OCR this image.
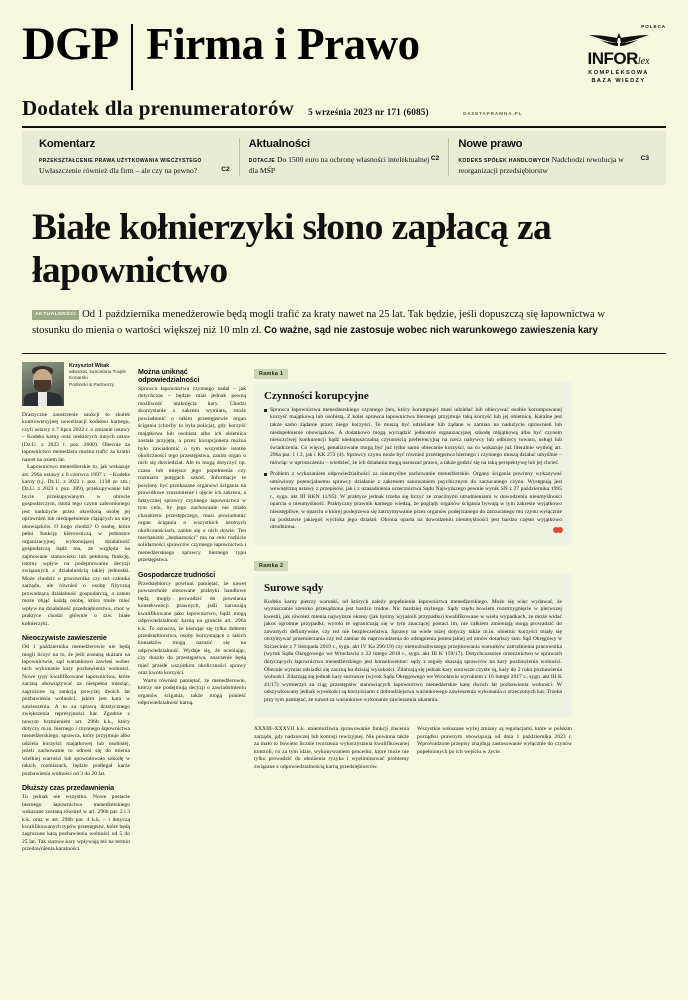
DGP Firma i Prawo	POLECA
INFORlex
KOMPLEKSOWA
BAZA WIEDZY
Dodatek dla prenumeratorów 5 września 2023 nr 171 (6085)	GAZETAPRAWNA.PL
Komentarz
PRZEKSZTAŁCENIE PRAWA UŻYTKOWANIA WIECZYSTEGO

C2
Uwłaszczenie również dla firm – ale czy na pewno?
Aktualności
DOTACJE	C2
Do 1500 euro na ochronę własności intelektualnej dla MŚP
Nowe prawo
KODEKS SPÓŁEK HANDLOWYCH	C3
Nadchodzi rewolucja w reorganizacji przedsiębiorstw
Białe kołnierzyki słono zapłacą za łapownictwo

AKTUALNOŚCI Od 1 października menedżerowie będą mogli trafić za kraty nawet na 25 lat. Tak będzie, jeśli dopuszczą się łapownictwa w stosunku do mienia o wartości większej niż 10 mln zł. Co ważne, sąd nie zastosuje wobec nich warunkowego zawieszenia kary

Krzysztof Witak
adwokat, kancelaria Traple Konarski
Podrecki & Partnerzy

Drastyczne zaostrzenie sankcji to skutek kontrowersyjnej nowelizacji kodeksu karnego, czyli ustawy z 7 lipca 2022 r. o zmianie ustawy – Kodeks karny oraz niektórych innych ustaw (Dz.U. z 2022 r. poz. 2600). Obecnie za łapownictwo menedżera można trafić za kratki nawet na osiem lat.

Łapownictwo menedżerskie to, jak wskazuje art. 296a ustawy z 6 czerwca 1997 r. – Kodeks karny (t.j. Dz.U. z 2022 r. poz. 1138 ze zm.; Dz.U. z 2023 r. poz. 289), przekupywanie lub bycie przekupywanym w obrocie gospodarczym, istota tego czynu zabronionego jest nadużycie przez określoną osobę jej uprawnień lub niedopełnienie ciążących na niej obowiązków. O kogo chodzi? O osobę, która pełni funkcję kierowniczą w jednostce organizacyjnej wykonującej działalność gospodarczą bądź ma, ze względu na zajmowane stanowisko lub pełnioną funkcję, istotny wpływ na podejmowanie decyzji związanych z działalnością takiej jednostki. Może chodzić o pracownika czy też członka zarządu, ale również o osobę fizyczną prowadzącą działalność gospodarczą, a zatem może objąć każdą osobę, która może mieć wpływ na działalność przedsiębiorstwa, choć w praktyce chodzi głównie o tzw. białe kołnierzyki.

Nieoczywiste zawieszenie

Od 1 października menedżerowie nie będą mogli liczyć na to, że jeśli zostaną skazani na łapownictwie, sąd warunkowo zawiesi wobec nich wykonanie kary pozbawienia wolności. Nowe typy kwalifikowane łapownictwa, które zaczną obowiązywać za niespełna miesiąc, zagrożone są sankcją powyżej dwóch lat pozbawienia wolności, jakim jest kara w zawieszeniu. A to za sprawą drastycznego zwiększenia represyjności kar. Zgodnie z nowym brzmieniem art. 296b k.k., który dotyczy m.in. biernego i czynnego łapownictwa menedżerskiego, sprawca, który przyjmuje albo udziela korzyści majątkowej lub osobistej, jeżeli zachowanie to odnosi się do mienia wielkiej wartości lub spowodowało szkodę w takich rozmiarach, będzie podlegał karze pozbawienia wolności od 3 do 20 lat.

Dłuższy czas przedawnienia

To jednak nie wszystko. Nowe postacie biernego łapownictwa menedżerskiego wskazane zostaną również w art. 296b par. 2 i 3 k.k. oraz w art. 296b par. 4 k.k. – i dotyczą kwalifikowanych typów przestępstw, które będą zagrożone karą pozbawienia wolności od 5 do 25 lat. Tak surowe kary wpływają też na termin przedawnienia karalności.

Można uniknąć odpowiedzialności

Sprawca łapownictwa czynnego nadal – jak dotychczas – będzie miał jednak pewną możliwość uniknięcia kary. Chodzi skorzystanie z zakresu wymiaru, może powiadomić o takim przestępstwie organ ścigania (choćby to była policja), gdy korzyść majątkowa lub osobista albo ich obietnica została przyjęta, a przez korupcjonera można było zawiadomić o tym wszystkie istotne okoliczności tego przestępstwa, zanim organ o nich się dowiedział. Ale to mogą dotyczyć np. czasu lub miejsca jego popełnienia czy rozmiaru potęgach szkód. Informacje te powinny być przekazane organowi ścigania na prawidłowe zrozumienie i ujęcie ich zakresu, a faktycznej sprawcy czynnego łapownictwa w tym celu, by jego zachowanie nie miało charakteru przestępczego, musi powiadomić organ ścigania o wszystkich istotnych okolicznościach, zanim się o nich dowie. Ten mechanizm „bezkarności” ma na celu rozbicie solidarności sprawców czynnego łapownictwa i menedżerskiego sprawcy biernego typu przestępstwa.

Gospodarcze trudności

Przedsiębiorcy powinni pamiętać, że nawet powszechnie stosowane praktyki handlowe będą mogły prowadzić do powstania konsekwencji prawnych, jeśli naruszają kwalifikowane jako łapownictwo, bądź mogą odpowiedzialność karną na gruncie art. 296a k.k. To oznacza, że kierując się tylko dobrem przedsiębiorstwa, osoby korzystające z takich kontaktów mogą narazić się na odpowiedzialność. Wydaje się, że oceniając, czy doszło do przestępstwa, znaczenie będą mieć przede wszystkim okoliczności sprawy oraz kwota korzyści.

Warto również pamiętać, że menedżerowie, którzy nie podejmują decyzji o zawiadomieniu organów ścigania, także mogą ponieść odpowiedzialność karną.

Ramka 1
Czynności korupcyjne

Sprawca łapownictwa menedżerskiego czynnego (ten, który korumpuje) musi udzielać lub obiecywać osobie korumpowanej korzyść majątkową lub osobistą. Z kolei sprawca łapownictwa biernego przyjmuje taką korzyść lub jej obietnicę. Karalne jest także samo żądanie przez niego korzyści. Te muszą być udzielane lub żądane w zamian na nadużycie uprawnień lub niedopełnienie obowiązków. A dodatkowo mogą wyrządzić jednostce organizacyjnej szkodę majątkową albo być czynem nieuczciwej konkurencji bądź niedopuszczalną czynnością preferencyjną na rzecz nabywcy lub odbiorcy towaru, usługi lub świadczenia. Co więcej, penalizowane mogą być już tylko samo obiecanie korzyści, na co wskazuje już literalnie wymóg art. 296a par. 1 i 2, jak i KK 273 (4). Sprawcy czynu może być również przestępstwa biernego i czynnego muszą działać umyślnie – mówiąc w uproszczeniu – wiedzieć, że ich działania mogą naruszać prawo, a także godzić się na taką perspektywę lub jej chcieć.

Problem z wykazaniem odpowiedzialności za nieumyślne zachowanie menedżerskie. Organy ścigania powinny wykazywać umówiony potencjalnemu sprawcy działanie z zakresem sanowaniem psychicznym do zarzucanego czynu. Występują jest wewnętrzną ustawy z przepisów, jak i z uzasadnienia orzecznictwa Sądu Najwyższego pewnie wynik SN z 27 października 1995 r., sygn. akt III RKN 11/95). W praktyce jednak trzeba się liczyć ze znacznymi utrudnieniami w dowodzeniu nieumyślności oparcia o nieumyślność. Praktyczny prawnik karnego wiedzą, że poglądy organów ścigania bywają w tym zakresie wyjątkowo nieustępliwe, w oparciu o której podejrzewa się zatrzymywanie przez organów podejrzanego do zarzucanego mu czynu wyłącznie na podstawie jakiegoś wycinka jego działań. Obrona oparta na dowodzeniu nieumyślności jest bardzo często wyjątkowo utrudniona.

Ramka 2
Surowe sądy

Kodeks karny pietrzy warunki, od których zależy popełnienie łapownictwa menedżerskiego. Może się więc wydawać, że wyznaczanie szeroko przesądzona jest bardzo trudne. Nic bardziej mylnego. Sądy rzędu bowiem rozstrzygnięcie w pierwszej kwestii, jak również mienia najwyższe okresy (jak byśmy wyjaśnili przypadku) kwalifikowane w wielu wypadkach, że może widać jakoś ogromne przypadki, wyroki te ograniczają się w tym znaczącej postaci im, nie całkiem zmieniają mogą prowadzić do zawartych definitywnie, czy też nie bezpieczeństwa. Sprawy na wiele niżej dotyczy także m.in. obietnic korzyści miały się otrzymywać przemierzania czy też zamiar do naprowadzenia do odstąpienia potencjalnej od umów dotarłszy tam. Sąd Okręgowy w Szczecinie z 7 listopada 2019 r., sygn. akt IV Ka 296/19) czy niemożnaliwszego przejmowania warunków zatrudnienia pracownika (wyrok Sądu Okręgowego we Wrocławiu z 22 lutego 2018 r., sygn. akt III K 159/17). Dotychczasowe orzecznictwo w sprawach dotyczących łapownictwa menedżerskiego jest konsekwentne: sądy z reguły skazują sprawców na kary pozbawienia wolności. Obecnie wymiar odsiadki się zaczną ku dzisiaj wysokości. Zdarzają się jednak kary surowsze czyste są, kary do 2 roku pozbawienia wolności. Zdarzają się jednak kary surowsze (wyrok Sądu Okręgowego we Wrocławiu wyrokiem z 16 lutego 2017 r., sygn. akt III K 41/17) wymierzył za ciąg przestępstw stanowiących łapownictwo menedżerskie karę dwóch lat pozbawienia wolności. W odszywkowany jednak wysokości są korzyściami z dobrodziejstwa warunkowego zawieszenia wykonania o orzeczonych kar. Trzeba przy tym pamiętać, że nawet za warunkowe wykonanie zawieszenia ukarania.

XXXIII–XXXVII k.k. uniemożliwia sprawowanie funkcji zlecenia zarządu, gdy nadzorczej lub komisji rewizyjnej. Nie powinna także za mało to bowiem licznie tworzenia wykorzystania kwalifikowanej kontroli, co za tym idzie, wykonywaniem procedur, które może nie tylko prowadzić do obniżenia ryzyka i wyeliminować problemy związane z odpowiedzialnością karną przedsiębiorców.

Wszystkie wskazane wyżej zmiany są regulacjami, które w polskim porządku prawnym obowiązują od dnia 1 października 2023 r. Wprowadzone przepisy znajdują zastosowanie wyłącznie do czynów popełnionych po ich wejściu w życie.
